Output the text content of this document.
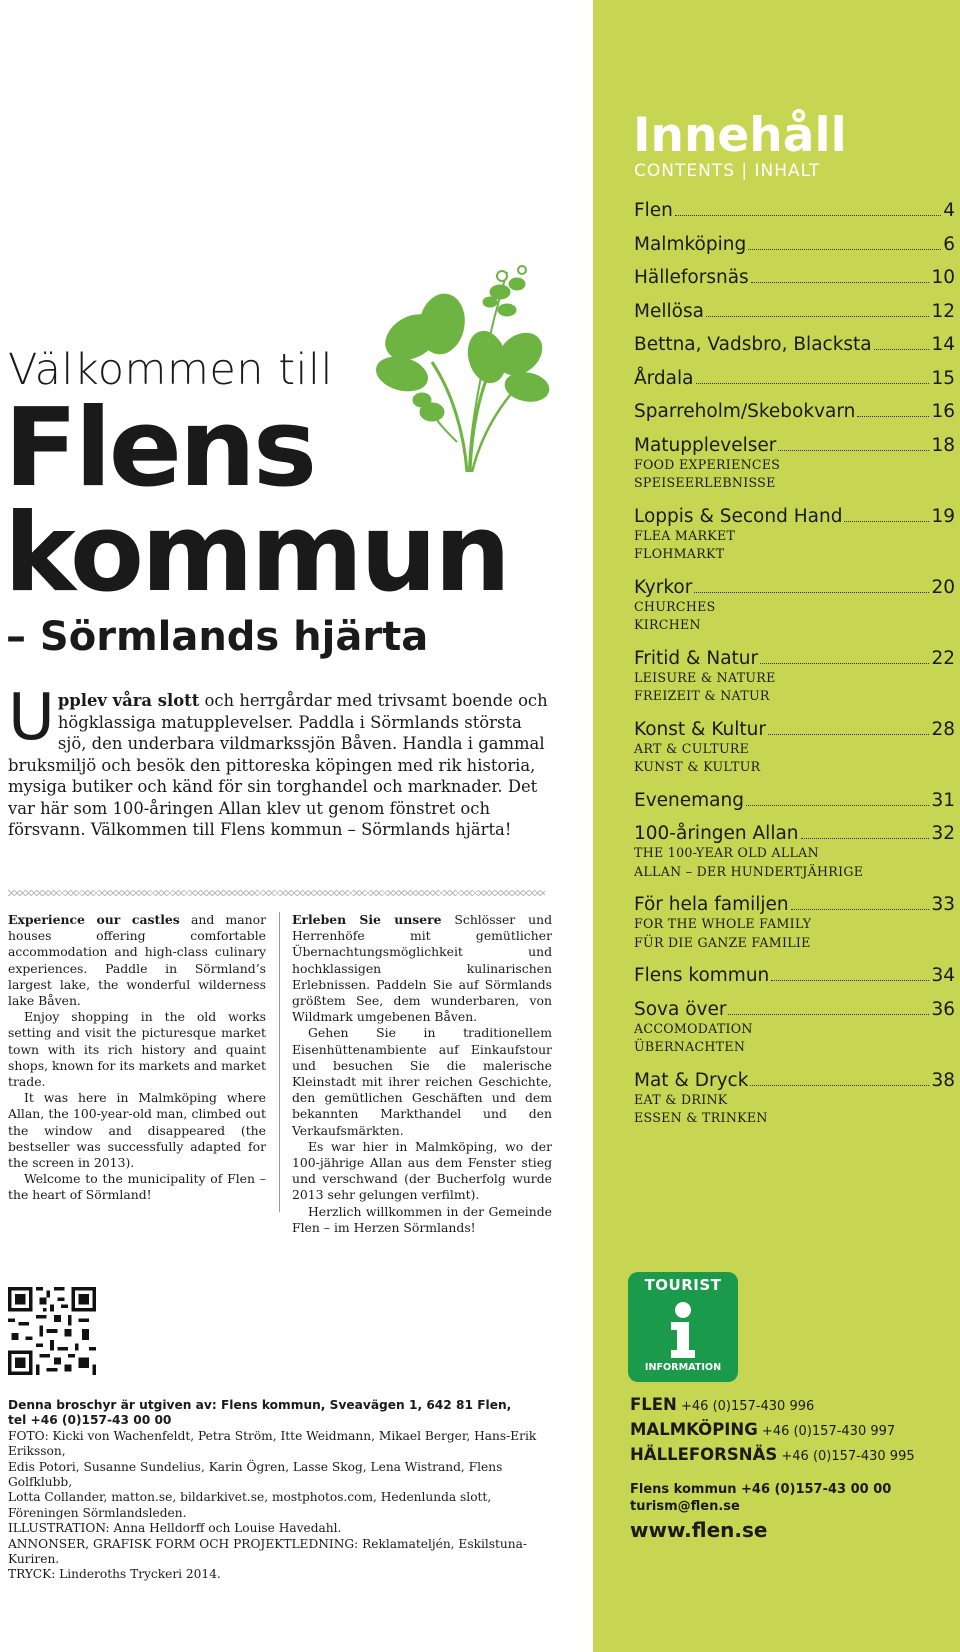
Välkommen till
Flens
kommun
– Sörmlands hjärta
Upplev våra slott och herrgårdar med trivsamt boende och högklassiga matupplevelser. Paddla i Sörmlands största sjö, den underbara vildmarkssjön Båven. Handla i gammal bruksmiljö och besök den pittoreska köpingen med rik historia, mysiga butiker och känd för sin torghandel och marknader. Det var här som 100-åringen Allan klev ut genom fönstret och försvann. Välkommen till Flens kommun – Sörmlands hjärta!

Experience our castles and manor houses offering comfortable accommodation and high-class culinary experiences. Paddle in Sörmland’s largest lake, the wonderful wilderness lake Båven.

Enjoy shopping in the old works setting and visit the picturesque market town with its rich history and quaint shops, known for its markets and market trade.

It was here in Malmköping where Allan, the 100-year-old man, climbed out the window and disappeared (the bestseller was successfully adapted for the screen in 2013).

Welcome to the municipality of Flen – the heart of Sörmland!

Erleben Sie unsere Schlösser und Herrenhöfe mit gemütlicher Übernachtungsmöglichkeit und hochklassigen kulinarischen Erlebnissen. Paddeln Sie auf Sörmlands größtem See, dem wunderbaren, von Wildmark umgebenen Båven.

Gehen Sie in traditionellem Eisenhüttenambiente auf Einkaufstour und besuchen Sie die malerische Kleinstadt mit ihrer reichen Geschichte, den gemütlichen Geschäften und dem bekannten Markthandel und den Verkaufsmärkten.

Es war hier in Malmköping, wo der 100-jährige Allan aus dem Fenster stieg und verschwand (der Bucherfolg wurde 2013 sehr gelungen verfilmt).

Herzlich willkommen in der Gemeinde Flen – im Herzen Sörmlands!

Innehåll
CONTENTS | INHALT
Flen	4
Malmköping	6
Hälleforsnäs	10
Mellösa	12
Bettna, Vadsbro, Blacksta	14
Årdala	15
Sparreholm/Skebokvarn	16
Matupplevelser	18
FOOD EXPERIENCES
SPEISEERLEBNISSE
Loppis & Second Hand	19
FLEA MARKET
FLOHMARKT
Kyrkor	20
CHURCHES
KIRCHEN
Fritid & Natur	22
LEISURE & NATURE
FREIZEIT & NATUR
Konst & Kultur	28
ART & CULTURE
KUNST & KULTUR
Evenemang	31
100-åringen Allan	32
THE 100-YEAR OLD ALLAN
ALLAN – DER HUNDERTJÄHRIGE
För hela familjen	33
FOR THE WHOLE FAMILY
FÜR DIE GANZE FAMILIE
Flens kommun	34
Sova över	36
ACCOMODATION
ÜBERNACHTEN
Mat & Dryck	38
EAT & DRINK
ESSEN & TRINKEN
Denna broschyr är utgiven av: Flens kommun, Sveavägen 1, 642 81 Flen,
tel +46 (0)157-43 00 00
FOTO: Kicki von Wachenfeldt, Petra Ström, Itte Weidmann, Mikael Berger, Hans-Erik Eriksson,
Edis Potori, Susanne Sundelius, Karin Ögren, Lasse Skog, Lena Wistrand, Flens Golfklubb,
Lotta Collander, matton.se, bildarkivet.se, mostphotos.com, Hedenlunda slott,
Föreningen Sörmlandsleden.
ILLUSTRATION: Anna Helldorff och Louise Havedahl.
ANNONSER, GRAFISK FORM OCH PROJEKTLEDNING: Reklamateljén, Eskilstuna-Kuriren.
TRYCK: Linderoths Tryckeri 2014.
TOURIST
INFORMATION
FLEN +46 (0)157-430 996
MALMKÖPING +46 (0)157-430 997
HÄLLEFORSNÄS +46 (0)157-430 995
Flens kommun +46 (0)157-43 00 00
turism@flen.se
www.flen.se
